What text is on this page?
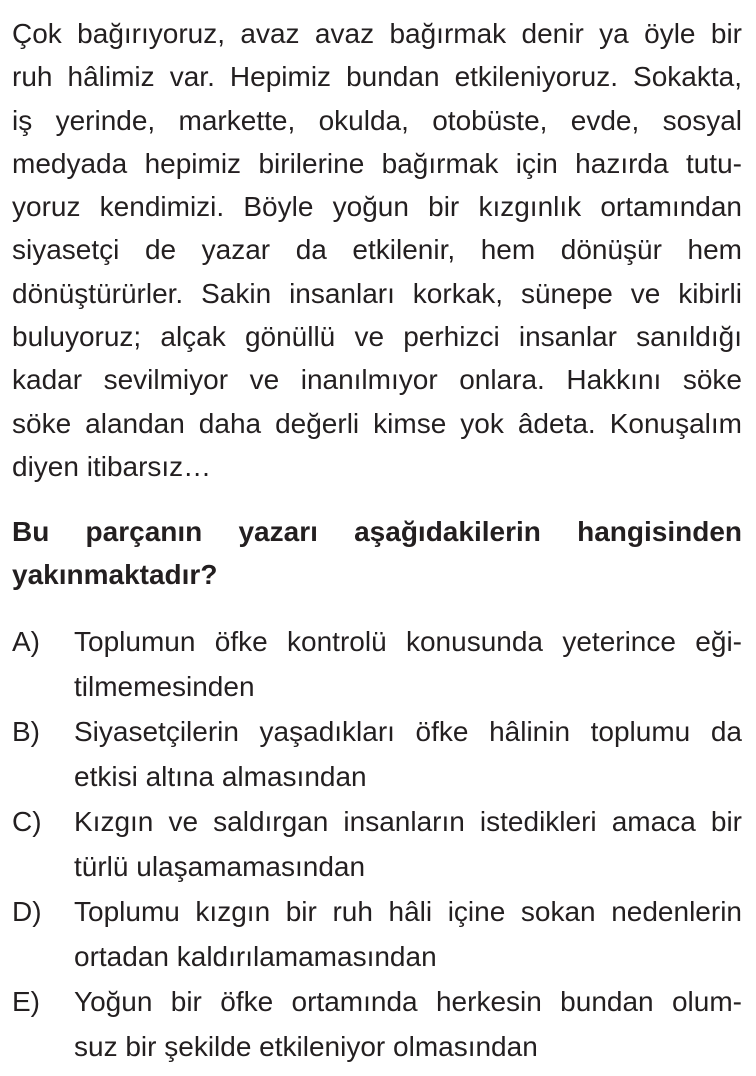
Çok bağırıyoruz, avaz avaz bağırmak denir ya öyle bir
ruh hâlimiz var. Hepimiz bundan etkileniyoruz. Sokakta,
iş yerinde, markette, okulda, otobüste, evde, sosyal
medyada hepimiz birilerine bağırmak için hazırda tutu-
yoruz kendimizi. Böyle yoğun bir kızgınlık ortamından
siyasetçi de yazar da etkilenir, hem dönüşür hem
dönüştürürler. Sakin insanları korkak, sünepe ve kibirli
buluyoruz; alçak gönüllü ve perhizci insanlar sanıldığı
kadar sevilmiyor ve inanılmıyor onlara. Hakkını söke
söke alandan daha değerli kimse yok âdeta. Konuşalım
diyen itibarsız…
Bu parçanın yazarı aşağıdakilerin hangisinden
yakınmaktadır?
A) Toplumun öfke kontrolü konusunda yeterince eği-
tilmemesinden
B) Siyasetçilerin yaşadıkları öfke hâlinin toplumu da
etkisi altına almasından
C) Kızgın ve saldırgan insanların istedikleri amaca bir
türlü ulaşamamasından
D) Toplumu kızgın bir ruh hâli içine sokan nedenlerin
ortadan kaldırılamamasından
E) Yoğun bir öfke ortamında herkesin bundan olum-
suz bir şekilde etkileniyor olmasından
